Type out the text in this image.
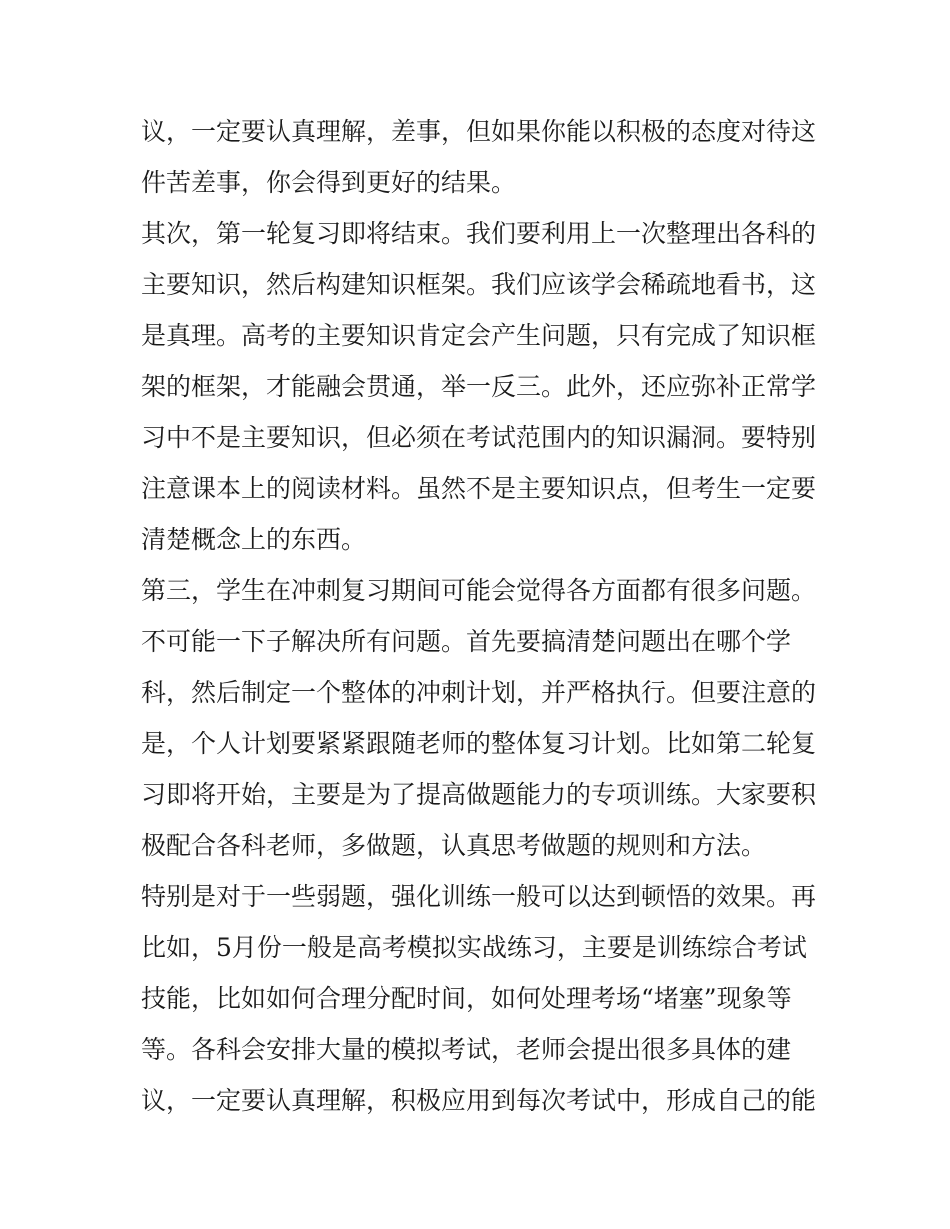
议，一定要认真理解，差事，但如果你能以积极的态度对待这
件苦差事，你会得到更好的结果。
其次，第一轮复习即将结束。我们要利用上一次整理出各科的
主要知识，然后构建知识框架。我们应该学会稀疏地看书，这
是真理。高考的主要知识肯定会产生问题，只有完成了知识框
架的框架，才能融会贯通，举一反三。此外，还应弥补正常学
习中不是主要知识，但必须在考试范围内的知识漏洞。要特别
注意课本上的阅读材料。虽然不是主要知识点，但考生一定要
清楚概念上的东西。
第三，学生在冲刺复习期间可能会觉得各方面都有很多问题。
不可能一下子解决所有问题。首先要搞清楚问题出在哪个学
科，然后制定一个整体的冲刺计划，并严格执行。但要注意的
是，个人计划要紧紧跟随老师的整体复习计划。比如第二轮复
习即将开始，主要是为了提高做题能力的专项训练。大家要积
极配合各科老师，多做题，认真思考做题的规则和方法。
特别是对于一些弱题，强化训练一般可以达到顿悟的效果。再
比如，5月份一般是高考模拟实战练习，主要是训练综合考试
技能，比如如何合理分配时间，如何处理考场“堵塞”现象等
等。各科会安排大量的模拟考试，老师会提出很多具体的建
议，一定要认真理解，积极应用到每次考试中，形成自己的能
